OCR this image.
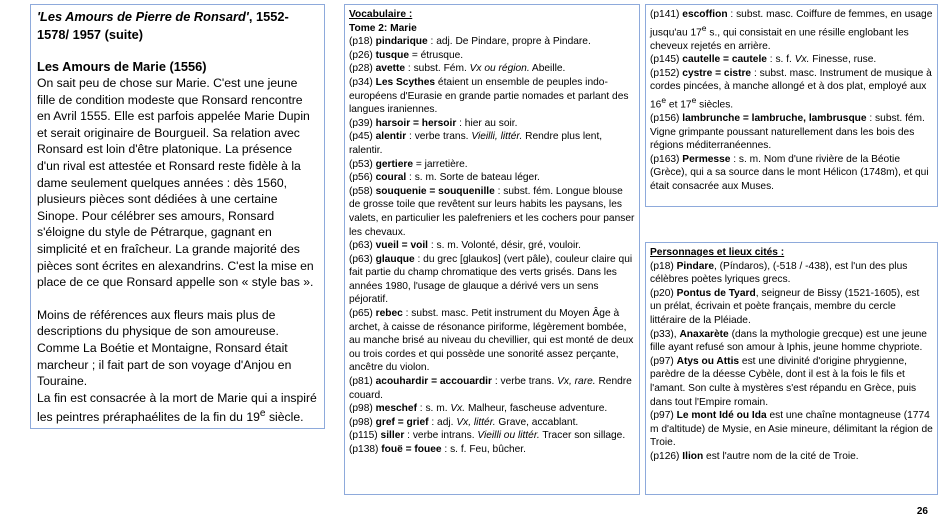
'Les Amours de Pierre de Ronsard', 1552-1578/ 1957 (suite)
Les Amours de Marie (1556)

On sait peu de chose sur Marie. C'est une jeune fille de condition modeste que Ronsard rencontre en Avril 1555. Elle est parfois appelée Marie Dupin et serait originaire de Bourgueil. Sa relation avec Ronsard est loin d'être platonique. La présence d'un rival est attestée et Ronsard reste fidèle à la dame seulement quelques années : dès 1560, plusieurs pièces sont dédiées à une certaine Sinope. Pour célébrer ses amours, Ronsard s'éloigne du style de Pétrarque, gagnant en simplicité et en fraîcheur. La grande majorité des pièces sont écrites en alexandrins. C'est la mise en place de ce que Ronsard appelle son « style bas ».

Moins de références aux fleurs mais plus de descriptions du physique de son amoureuse. Comme La Boétie et Montaigne, Ronsard était marcheur ; il fait part de son voyage d'Anjou en Touraine.

La fin est consacrée à la mort de Marie qui a inspiré les peintres préraphaélites de la fin du 19e siècle.

Vocabulaire :
Tome 2: Marie

(p18) pindarique : adj. De Pindare, propre à Pindare.

(p26) tusque = étrusque.

(p28) avette : subst. Fém. Vx ou région. Abeille.

(p34) Les Scythes étaient un ensemble de peuples indo-européens d'Eurasie en grande partie nomades et parlant des langues iraniennes.

(p39) harsoir = hersoir : hier au soir.

(p45) alentir : verbe trans. Vieilli, littér. Rendre plus lent, ralentir.

(p53) gertiere = jarretière.

(p56) coural : s. m. Sorte de bateau léger.

(p58) souquenie = souquenille : subst. fém. Longue blouse de grosse toile que revêtent sur leurs habits les paysans, les valets, en particulier les palefreniers et les cochers pour panser les chevaux.

(p63) vueil = voil : s. m. Volonté, désir, gré, vouloir.

(p63) glauque : du grec [glaukos] (vert pâle), couleur claire qui fait partie du champ chromatique des verts grisés. Dans les années 1980, l'usage de glauque a dérivé vers un sens péjoratif.

(p65) rebec : subst. masc. Petit instrument du Moyen Âge à archet, à caisse de résonance piriforme, légèrement bombée, au manche brisé au niveau du chevillier, qui est monté de deux ou trois cordes et qui possède une sonorité assez perçante, ancêtre du violon.

(p81) acouhardir = accouardir : verbe trans. Vx, rare. Rendre couard.

(p98) meschef : s. m. Vx. Malheur, fascheuse adventure.

(p98) gref = grief : adj. Vx, littér. Grave, accablant.

(p115) siller : verbe intrans. Vieilli ou littér. Tracer son sillage.

(p138) fouë = fouee : s. f. Feu, bûcher.

(p141) escoffion : subst. masc. Coiffure de femmes, en usage jusqu'au 17e s., qui consistait en une résille englobant les cheveux rejetés en arrière.

(p145) cautelle = cautele : s. f. Vx. Finesse, ruse.

(p152) cystre = cistre : subst. masc. Instrument de musique à cordes pincées, à manche allongé et à dos plat, employé aux 16e et 17e siècles.

(p156) lambrunche = lambruche, lambrusque : subst. fém. Vigne grimpante poussant naturellement dans les bois des régions méditerranéennes.

(p163) Permesse : s. m. Nom d'une rivière de la Béotie (Grèce), qui a sa source dans le mont Hélicon (1748m), et qui était consacrée aux Muses.

Personnages et lieux cités :

(p18) Pindare, (Píndaros), (-518 / -438), est l'un des plus célèbres poètes lyriques grecs.

(p20) Pontus de Tyard, seigneur de Bissy (1521-1605), est un prélat, écrivain et poète français, membre du cercle littéraire de la Pléiade.

(p33), Anaxarète (dans la mythologie grecque) est une jeune fille ayant refusé son amour à Iphis, jeune homme chypriote.

(p97) Atys ou Attis est une divinité d'origine phrygienne, parèdre de la déesse Cybèle, dont il est à la fois le fils et l'amant. Son culte à mystères s'est répandu en Grèce, puis dans tout l'Empire romain.

(p97) Le mont Idé ou Ida est une chaîne montagneuse (1774 m d'altitude) de Mysie, en Asie mineure, délimitant la région de Troie.

(p126) Ilion est l'autre nom de la cité de Troie.

26
